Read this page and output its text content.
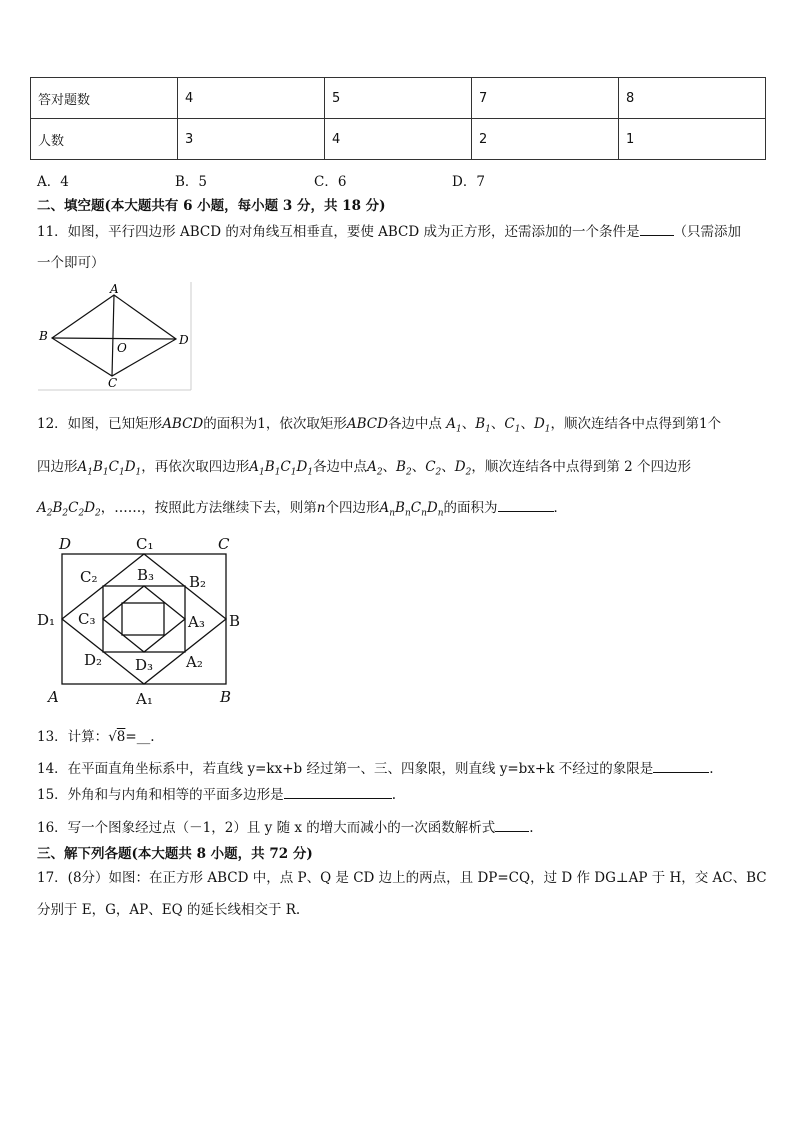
答对题数	4	5	7	8
人数	3	4	2	1
A．4	B．5	C．6	D．7
二、填空题(本大题共有 6 小题，每小题 3 分，共 18 分)
11．如图，平行四边形 ABCD 的对角线互相垂直，要使 ABCD 成为正方形，还需添加的一个条件是	（只需添加
一个即可）
A
B	D
C
O
12．如图，已知矩形ABCD的面积为1，依次取矩形ABCD各边中点 $A_1$、$B_1$、$C_1$、$D_1$，顺次连结各中点得到第1个
四边形$A_1B_1C_1D_1$，再依次取四边形$A_1B_1C_1D_1$各边中点$A_2$、$B_2$、$C_2$、$D_2$，顺次连结各中点得到第 2 个四边形
$A_2B_2C_2D_2$，……，按照此方法继续下去，则第n个四边形$A_nB_nC_nD_n$的面积为	．
D	C₁	C
C₂	B₃ B₂
D₁ C₃	A₃ B
D₂ D₃ A₂
A	A₁	B
13．计算：√8=__.
14．在平面直角坐标系中，若直线 y=kx+b 经过第一、三、四象限，则直线 y=bx+k 不经过的象限是	.
15．外角和与内角和相等的平面多边形是	.
16．写一个图象经过点（－1，2）且 y 随 x 的增大而减小的一次函数解析式	.
三、解下列各题(本大题共 8 小题，共 72 分)
17．(8分）如图：在正方形 ABCD 中，点 P、Q 是 CD 边上的两点，且 DP=CQ，过 D 作 DG⊥AP 于 H，交 AC、BC
分别于 E，G，AP、EQ 的延长线相交于 R.
